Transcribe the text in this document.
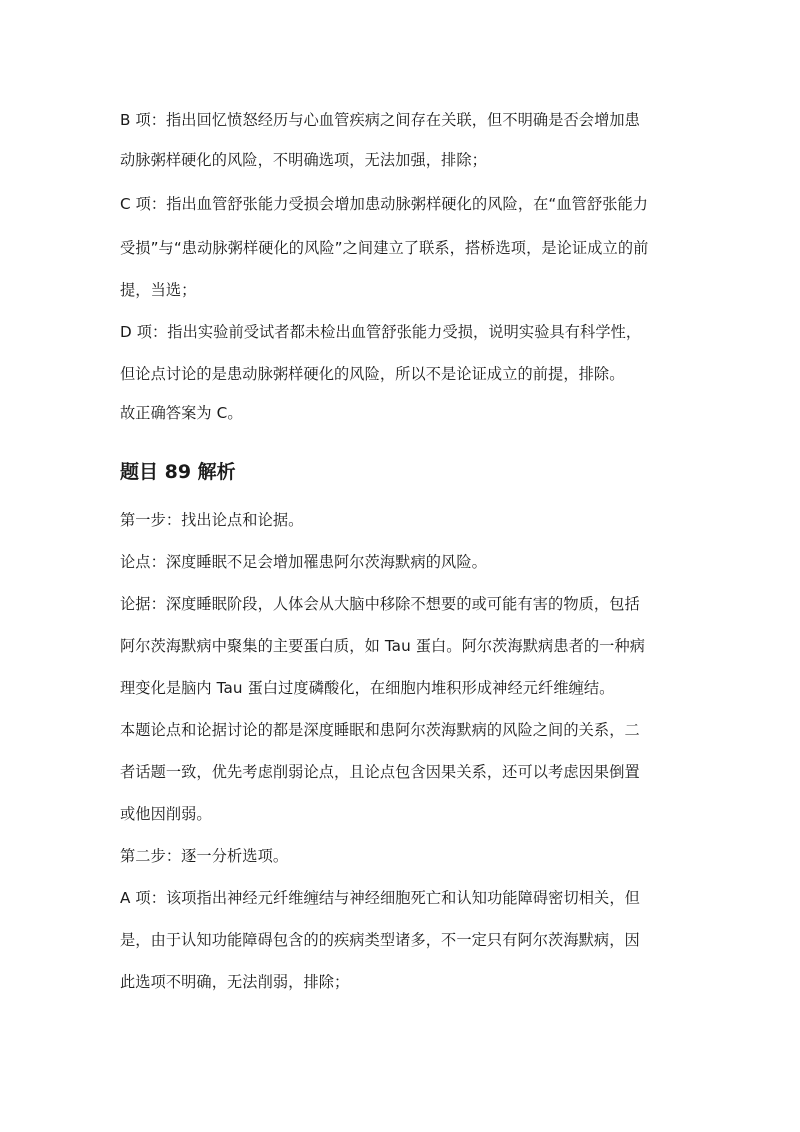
B 项：指出回忆愤怒经历与心血管疾病之间存在关联，但不明确是否会增加患
动脉粥样硬化的风险，不明确选项，无法加强，排除；
C 项：指出血管舒张能力受损会增加患动脉粥样硬化的风险，在“血管舒张能力
受损”与“患动脉粥样硬化的风险”之间建立了联系，搭桥选项，是论证成立的前
提，当选；
D 项：指出实验前受试者都未检出血管舒张能力受损，说明实验具有科学性，
但论点讨论的是患动脉粥样硬化的风险，所以不是论证成立的前提，排除。
故正确答案为 C。
题目 89 解析
第一步：找出论点和论据。
论点：深度睡眠不足会增加罹患阿尔茨海默病的风险。
论据：深度睡眠阶段，人体会从大脑中移除不想要的或可能有害的物质，包括
阿尔茨海默病中聚集的主要蛋白质，如 Tau 蛋白。阿尔茨海默病患者的一种病
理变化是脑内 Tau 蛋白过度磷酸化，在细胞内堆积形成神经元纤维缠结。
本题论点和论据讨论的都是深度睡眠和患阿尔茨海默病的风险之间的关系，二
者话题一致，优先考虑削弱论点，且论点包含因果关系，还可以考虑因果倒置
或他因削弱。
第二步：逐一分析选项。
A 项：该项指出神经元纤维缠结与神经细胞死亡和认知功能障碍密切相关，但
是，由于认知功能障碍包含的的疾病类型诸多，不一定只有阿尔茨海默病，因
此选项不明确，无法削弱，排除；
